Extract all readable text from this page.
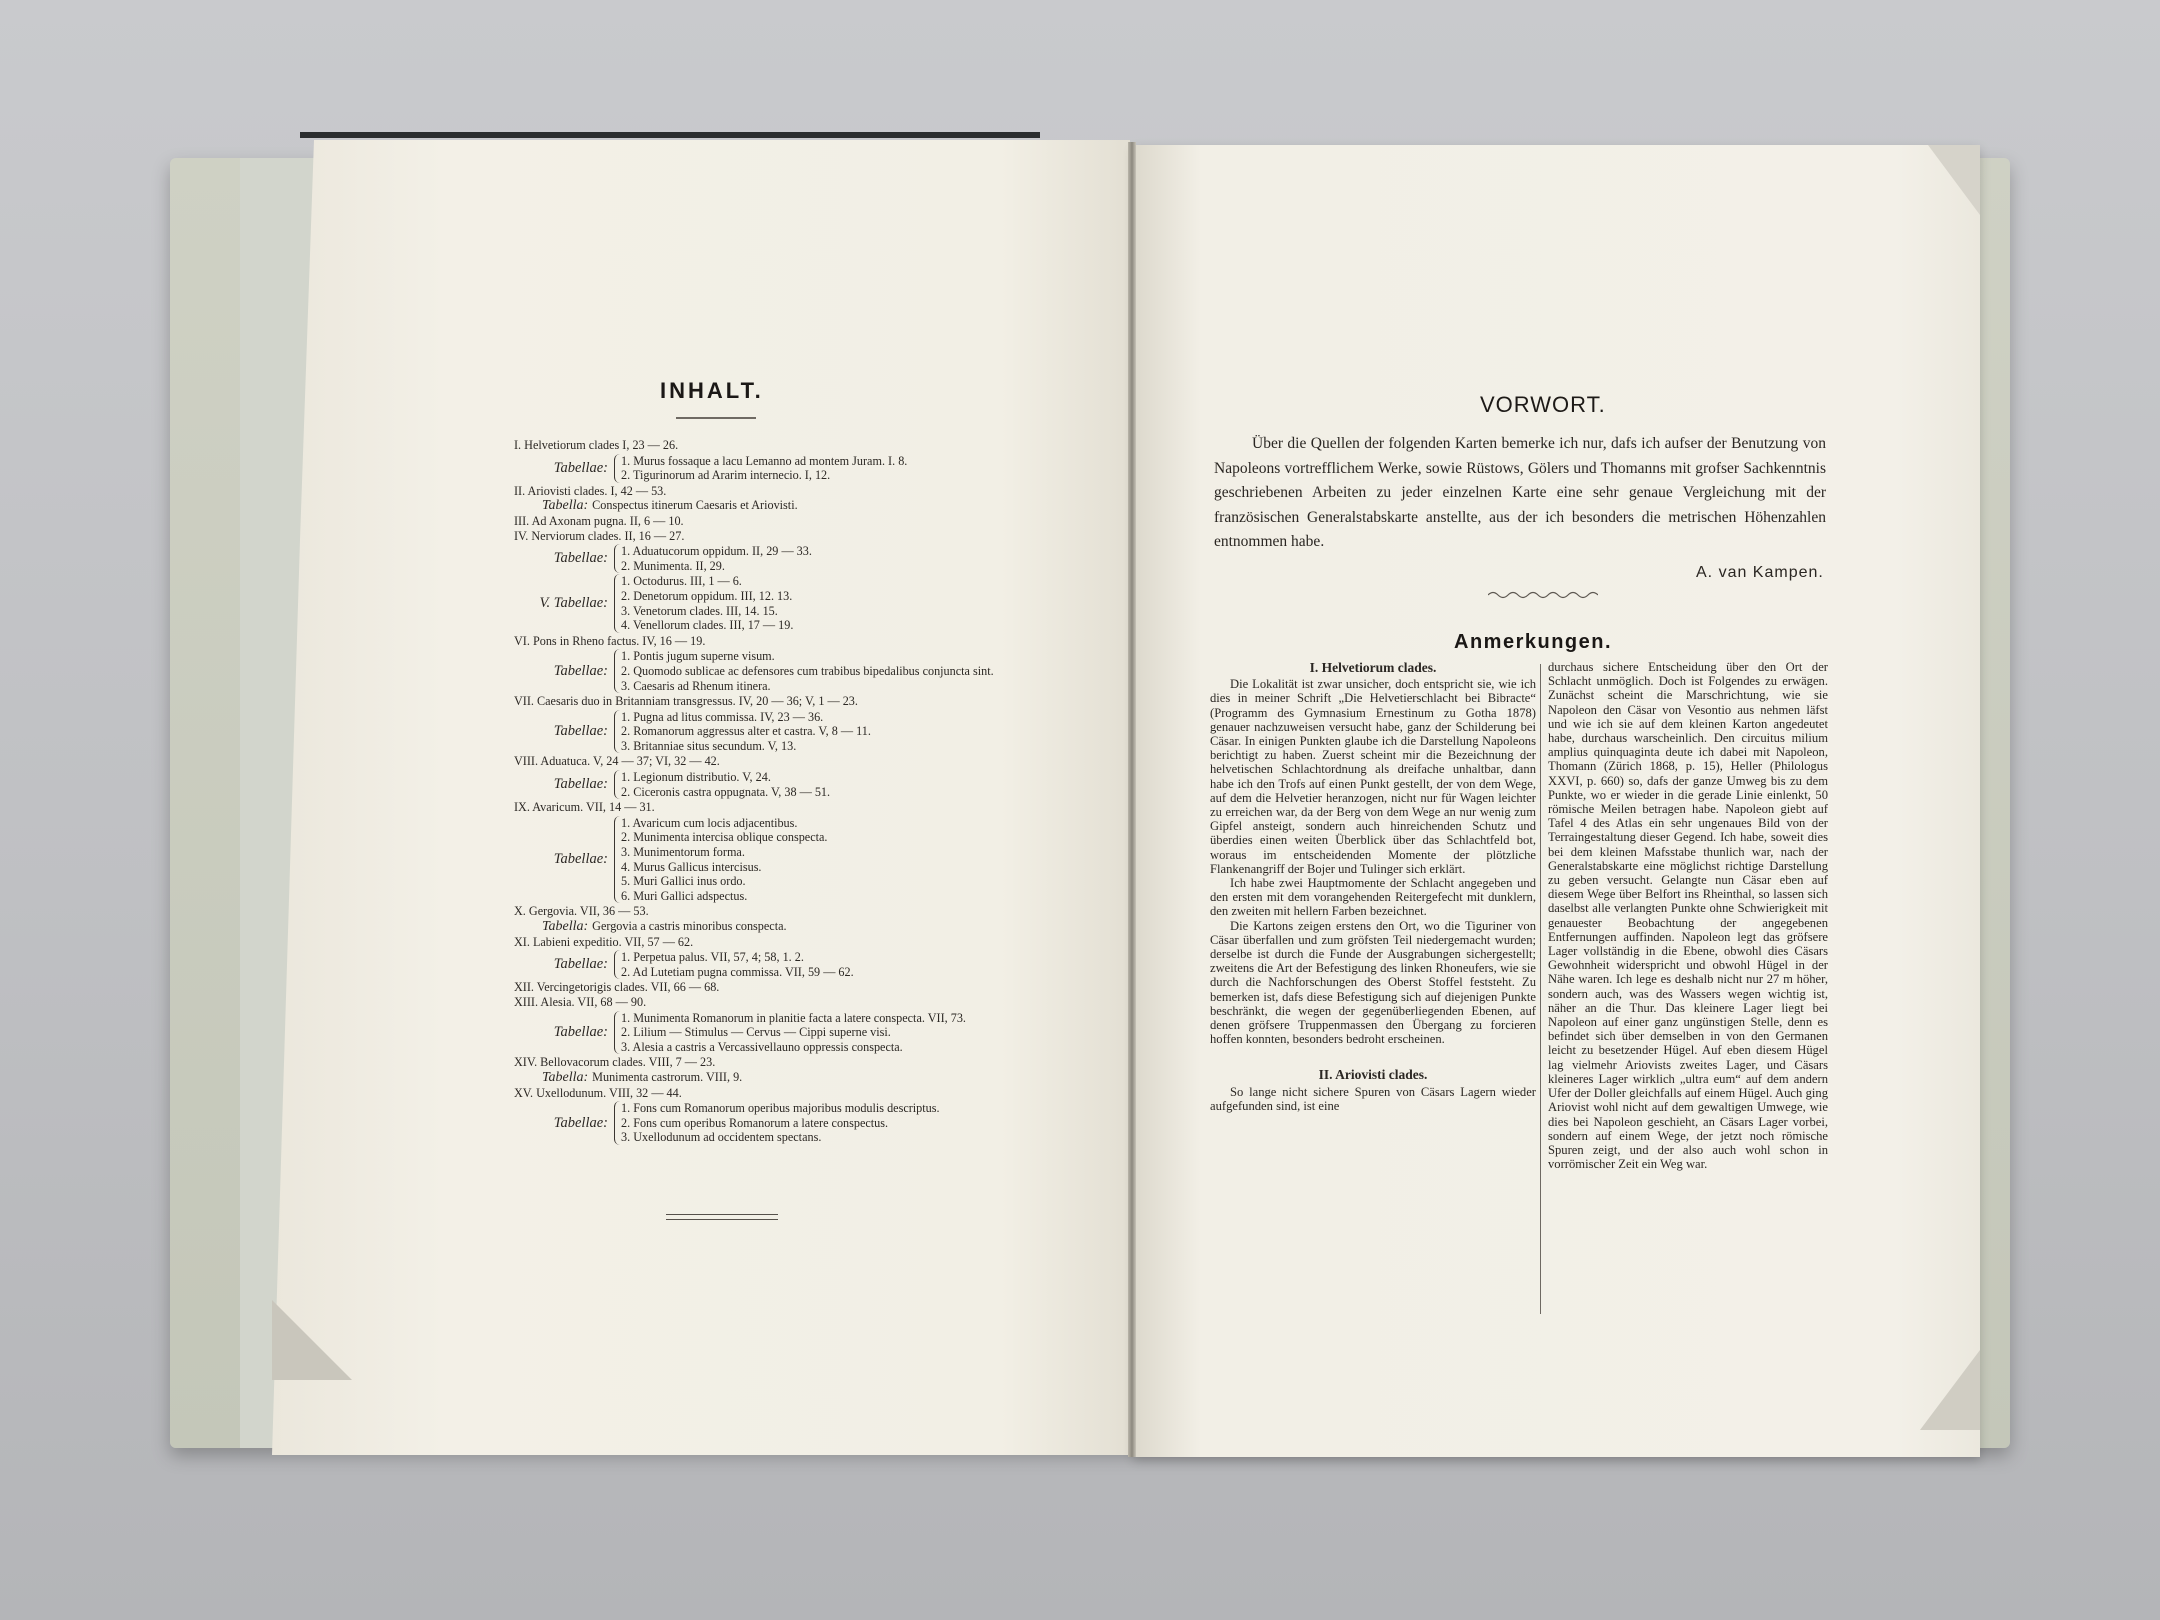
INHALT.
I. Helvetiorum clades I, 23 — 26.
Tabellae:	1. Murus fossaque a lacu Lemanno ad montem Juram. I. 8.
2. Tigurinorum ad Ararim internecio. I, 12.
II. Ariovisti clades. I, 42 — 53.
Tabella: Conspectus itinerum Caesaris et Ariovisti.
III. Ad Axonam pugna. II, 6 — 10.
IV. Nerviorum clades. II, 16 — 27.
Tabellae:	1. Aduatucorum oppidum. II, 29 — 33.
2. Munimenta. II, 29.
V. Tabellae:
1. Octodurus. III, 1 — 6.
2. Denetorum oppidum. III, 12. 13.
3. Venetorum clades. III, 14. 15.
4. Venellorum clades. III, 17 — 19.
VI. Pons in Rheno factus. IV, 16 — 19.
Tabellae:
1. Pontis jugum superne visum.
2. Quomodo sublicae ac defensores cum trabibus bipedalibus conjuncta sint.
3. Caesaris ad Rhenum itinera.
VII. Caesaris duo in Britanniam transgressus. IV, 20 — 36; V, 1 — 23.
Tabellae:
1. Pugna ad litus commissa. IV, 23 — 36.
2. Romanorum aggressus alter et castra. V, 8 — 11.
3. Britanniae situs secundum. V, 13.
VIII. Aduatuca. V, 24 — 37; VI, 32 — 42.
Tabellae:	1. Legionum distributio. V, 24.
2. Ciceronis castra oppugnata. V, 38 — 51.
IX. Avaricum. VII, 14 — 31.
Tabellae:
1. Avaricum cum locis adjacentibus.
2. Munimenta intercisa oblique conspecta.
3. Munimentorum forma.
4. Murus Gallicus intercisus.
5. Muri Gallici inus ordo.
6. Muri Gallici adspectus.
X. Gergovia. VII, 36 — 53.
Tabella: Gergovia a castris minoribus conspecta.
XI. Labieni expeditio. VII, 57 — 62.
Tabellae:	1. Perpetua palus. VII, 57, 4; 58, 1. 2.
2. Ad Lutetiam pugna commissa. VII, 59 — 62.
XII. Vercingetorigis clades. VII, 66 — 68.
XIII. Alesia. VII, 68 — 90.
Tabellae:
1. Munimenta Romanorum in planitie facta a latere conspecta. VII, 73.
2. Lilium — Stimulus — Cervus — Cippi superne visi.
3. Alesia a castris a Vercassivellauno oppressis conspecta.
XIV. Bellovacorum clades. VIII, 7 — 23.
Tabella: Munimenta castrorum. VIII, 9.
XV. Uxellodunum. VIII, 32 — 44.
Tabellae:
1. Fons cum Romanorum operibus majoribus modulis descriptus.
2. Fons cum operibus Romanorum a latere conspectus.
3. Uxellodunum ad occidentem spectans.
VORWORT.

Über die Quellen der folgenden Karten bemerke ich nur, dafs ich aufser der Benutzung von Napoleons vortrefflichem Werke, sowie Rüstows, Gölers und Thomanns mit grofser Sachkenntnis geschriebenen Arbeiten zu jeder einzelnen Karte eine sehr genaue Vergleichung mit der französischen Generalstabskarte anstellte, aus der ich besonders die metrischen Höhenzahlen entnommen habe.

A. van Kampen.
Anmerkungen.
I. Helvetiorum clades.

Die Lokalität ist zwar unsicher, doch entspricht sie, wie ich dies in meiner Schrift „Die Helvetierschlacht bei Bibracte“ (Programm des Gymnasium Ernestinum zu Gotha 1878) genauer nachzuweisen versucht habe, ganz der Schilderung bei Cäsar. In einigen Punkten glaube ich die Darstellung Napoleons berichtigt zu haben. Zuerst scheint mir die Bezeichnung der helvetischen Schlachtordnung als dreifache unhaltbar, dann habe ich den Trofs auf einen Punkt gestellt, der von dem Wege, auf dem die Helvetier heranzogen, nicht nur für Wagen leichter zu erreichen war, da der Berg von dem Wege an nur wenig zum Gipfel ansteigt, sondern auch hinreichenden Schutz und überdies einen weiten Überblick über das Schlachtfeld bot, woraus im entscheidenden Momente der plötzliche Flankenangriff der Bojer und Tulinger sich erklärt.

Ich habe zwei Hauptmomente der Schlacht angegeben und den ersten mit dem vorangehenden Reitergefecht mit dunklern, den zweiten mit hellern Farben bezeichnet.

Die Kartons zeigen erstens den Ort, wo die Tiguriner von Cäsar überfallen und zum gröfsten Teil niedergemacht wurden; derselbe ist durch die Funde der Ausgrabungen sichergestellt; zweitens die Art der Befestigung des linken Rhoneufers, wie sie durch die Nachforschungen des Oberst Stoffel feststeht. Zu bemerken ist, dafs diese Befestigung sich auf diejenigen Punkte beschränkt, die wegen der gegenüberliegenden Ebenen, auf denen gröfsere Truppenmassen den Übergang zu forcieren hoffen konnten, besonders bedroht erscheinen.

II. Ariovisti clades.

So lange nicht sichere Spuren von Cäsars Lagern wieder aufgefunden sind, ist eine

durchaus sichere Entscheidung über den Ort der Schlacht unmöglich. Doch ist Folgendes zu erwägen. Zunächst scheint die Marschrichtung, wie sie Napoleon den Cäsar von Vesontio aus nehmen läfst und wie ich sie auf dem kleinen Karton angedeutet habe, durchaus warscheinlich. Den circuitus milium amplius quinquaginta deute ich dabei mit Napoleon, Thomann (Zürich 1868, p. 15), Heller (Philologus XXVI, p. 660) so, dafs der ganze Umweg bis zu dem Punkte, wo er wieder in die gerade Linie einlenkt, 50 römische Meilen betragen habe. Napoleon giebt auf Tafel 4 des Atlas ein sehr ungenaues Bild von der Terraingestaltung dieser Gegend. Ich habe, soweit dies bei dem kleinen Mafsstabe thunlich war, nach der Generalstabskarte eine möglichst richtige Darstellung zu geben versucht. Gelangte nun Cäsar eben auf diesem Wege über Belfort ins Rheinthal, so lassen sich daselbst alle verlangten Punkte ohne Schwierigkeit mit genauester Beobachtung der angegebenen Entfernungen auffinden. Napoleon legt das gröfsere Lager vollständig in die Ebene, obwohl dies Cäsars Gewohnheit widerspricht und obwohl Hügel in der Nähe waren. Ich lege es deshalb nicht nur 27 m höher, sondern auch, was des Wassers wegen wichtig ist, näher an die Thur. Das kleinere Lager liegt bei Napoleon auf einer ganz ungünstigen Stelle, denn es befindet sich über demselben in von den Germanen leicht zu besetzender Hügel. Auf eben diesem Hügel lag vielmehr Ariovists zweites Lager, und Cäsars kleineres Lager wirklich „ultra eum“ auf dem andern Ufer der Doller gleichfalls auf einem Hügel. Auch ging Ariovist wohl nicht auf dem gewaltigen Umwege, wie dies bei Napoleon geschieht, an Cäsars Lager vorbei, sondern auf einem Wege, der jetzt noch römische Spuren zeigt, und der also auch wohl schon in vorrömischer Zeit ein Weg war.
